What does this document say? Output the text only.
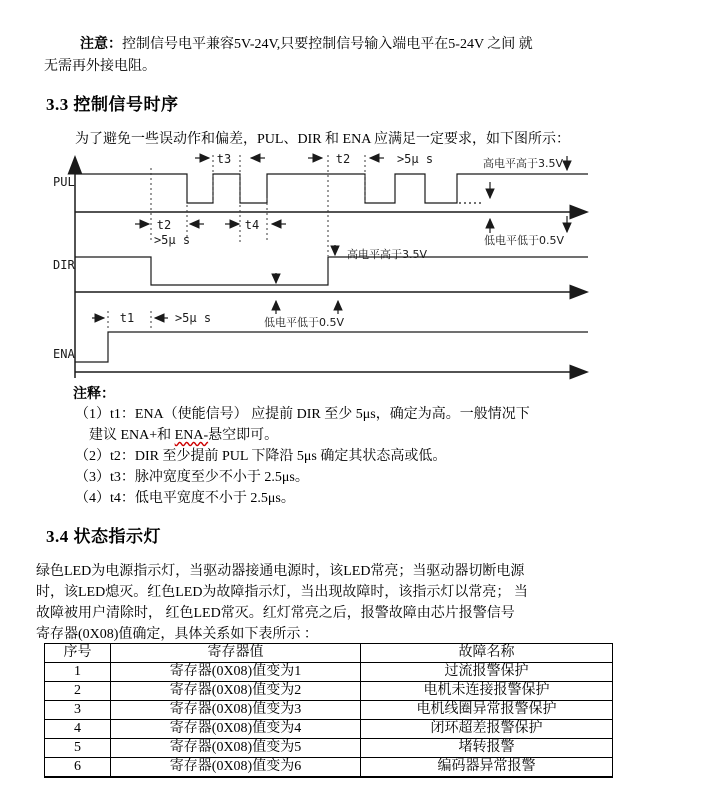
注意：控制信号电平兼容5V-24V,只要控制信号输入端电平在5-24V 之间 就
无需再外接电阻。
3.3 控制信号时序
为了避免一些误动作和偏差，PUL、DIR 和 ENA 应满足一定要求，如下图所示：
PUL
DIR
ENA
t3	t2	>5μ s	高电平高于3.5V
低电平低于0.5V
t2
>5μ s
t4
高电平高于3.5V
低电平低于0.5V
t1	>5μ s
注释：
（1）t1：ENA（使能信号） 应提前 DIR 至少 5μs，确定为高。一般情况下
建议 ENA+和 ENA-悬空即可。
（2）t2：DIR 至少提前 PUL 下降沿 5μs 确定其状态高或低。
（3）t3：脉冲宽度至少不小于 2.5μs。
（4）t4：低电平宽度不小于 2.5μs。
3.4 状态指示灯
绿色LED为电源指示灯，当驱动器接通电源时，该LED常亮；当驱动器切断电源
时，该LED熄灭。红色LED为故障指示灯，当出现故障时，该指示灯以常亮； 当
故障被用户清除时， 红色LED常灭。红灯常亮之后，报警故障由芯片报警信号
寄存器(0X08)值确定，具体关系如下表所示 ：
序号	寄存器值	故障名称
1	寄存器(0X08)值变为1	过流报警保护
2	寄存器(0X08)值变为2	电机未连接报警保护
3	寄存器(0X08)值变为3	电机线圈异常报警保护
4	寄存器(0X08)值变为4	闭环超差报警保护
5	寄存器(0X08)值变为5	堵转报警
6	寄存器(0X08)值变为6	编码器异常报警
